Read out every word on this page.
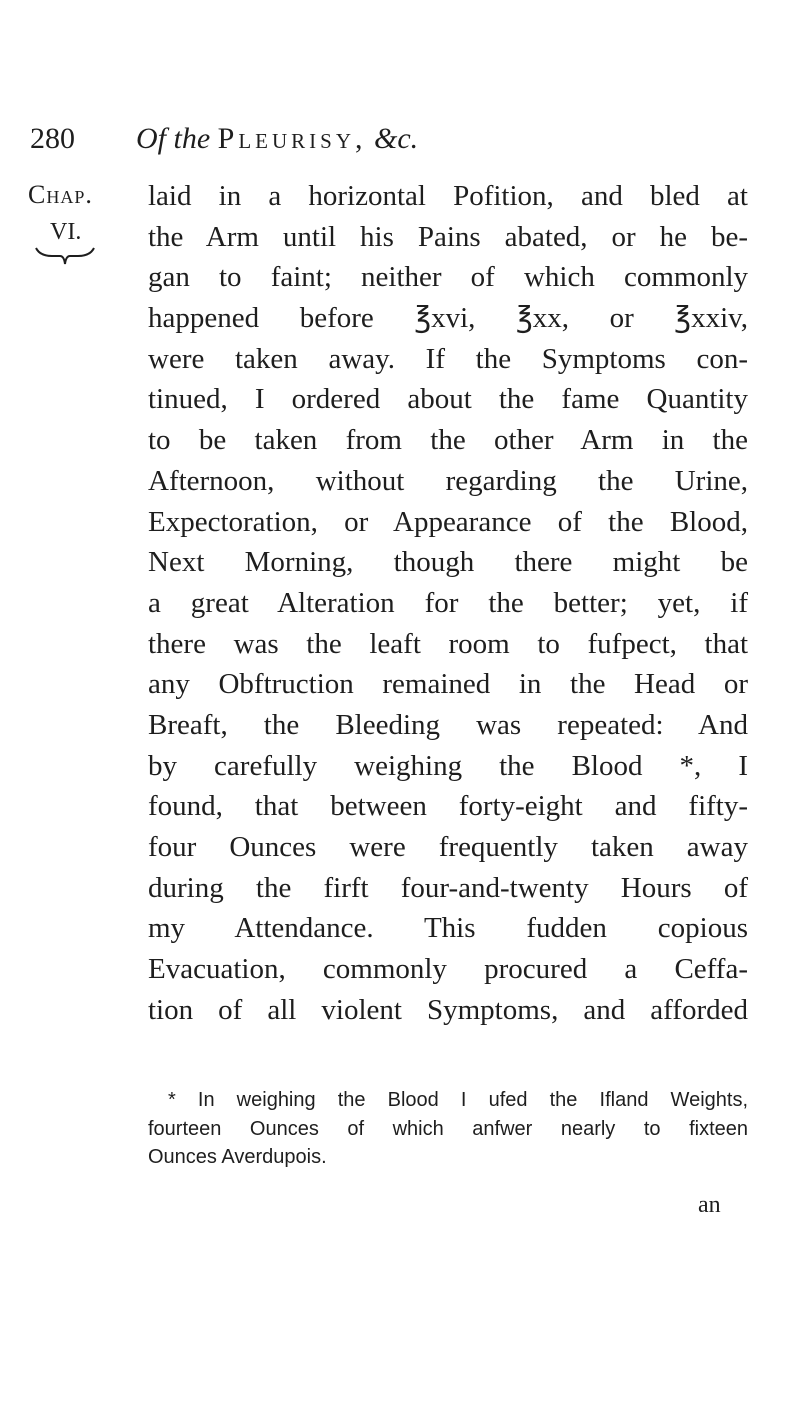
280 Of the Pleurisy, &c.
Chap.
VI.
laid in a horizontal Pofition, and bled at
the Arm until his Pains abated, or he be-
gan to faint; neither of which commonly
happened before ℥xvi, ℥xx, or ℥xxiv,
were taken away. If the Symptoms con-
tinued, I ordered about the fame Quantity
to be taken from the other Arm in the
Afternoon, without regarding the Urine,
Expectoration, or Appearance of the Blood,
Next Morning, though there might be
a great Alteration for the better; yet, if
there was the leaft room to fufpect, that
any Obftruction remained in the Head or
Breaft, the Bleeding was repeated: And
by carefully weighing the Blood *, I
found, that between forty-eight and fifty-
four Ounces were frequently taken away
during the firft four-and-twenty Hours of
my Attendance. This fudden copious
Evacuation, commonly procured a Ceffa-
tion of all violent Symptoms, and afforded
* In weighing the Blood I ufed the Ifland Weights,
fourteen Ounces of which anfwer nearly to fixteen
Ounces Averdupois.
an
